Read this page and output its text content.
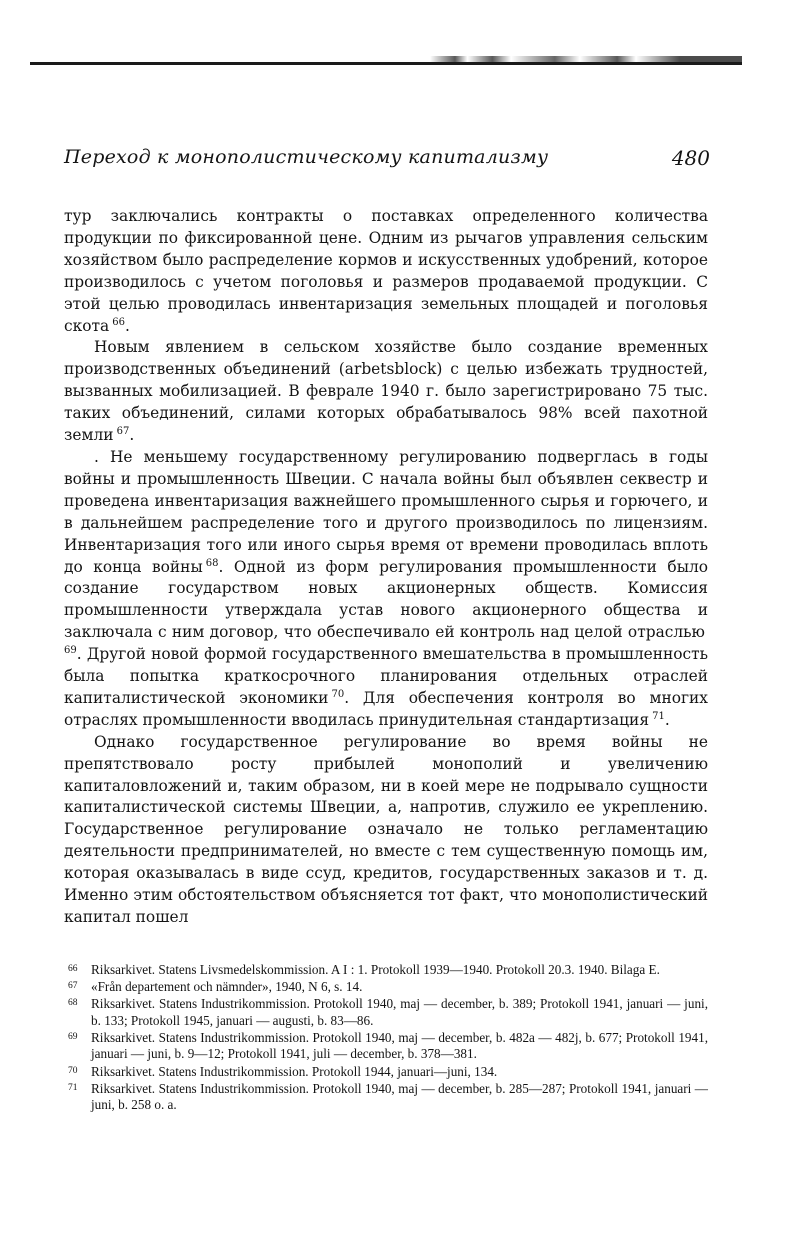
Переход к монополистическому капитализму	480

тур заключались контракты о поставках определенного количества продукции по фиксированной цене. Одним из рычагов управления сельским хозяйством было распределение кормов и искусственных удобрений, которое производилось с учетом поголовья и размеров продаваемой продукции. С этой целью проводилась инвентаризация земельных площадей и поголовья скота  $^{66}$.

Новым явлением в сельском хозяйстве было создание временных производственных объединений (arbetsblock) с целью избежать трудностей, вызванных мобилизацией. В феврале 1940 г. было зарегистрировано 75 тыс. таких объединений, силами которых обрабатывалось 98% всей пахотной земли  $^{67}$.

. Не меньшему государственному регулированию подверглась в годы войны и промышленность Швеции. С начала войны был объявлен секвестр и проведена инвентаризация важнейшего промышленного сырья и горючего, и в дальнейшем распределение того и другого производилось по лицензиям. Инвентаризация того или иного сырья время от времени проводилась вплоть до конца войны  $^{68}$. Одной из форм регулирования промышленности было создание государством новых акционерных обществ. Комиссия промышленности утверждала устав нового акционерного общества и заключала с ним договор, что обеспечивало ей контроль над целой отраслью $^{69}$. Другой новой формой государственного вмешательства в промышленность была попытка краткосрочного планирования отдельных отраслей капиталистической экономики  $^{70}$. Для обеспечения контроля во многих отраслях промышленности вводилась принудительная стандартизация  $^{71}$.

Однако государственное регулирование во время войны не препятствовало росту прибылей монополий и увеличению капиталовложений и, таким образом, ни в коей мере не подрывало сущности капиталистической системы Швеции, а, напротив, служило ее укреплению. Государственное регулирование означало не только регламентацию деятельности предпринимателей, но вместе с тем существенную помощь им, которая оказывалась в виде ссуд, кредитов, государственных заказов и т. д. Именно этим обстоятельством объясняется тот факт, что монополистический капитал пошел

66 Riksarkivet. Statens Livsmedelskommission. A I : 1. Protokoll 1939—1940. Protokoll 20.3. 1940. Bilaga E.
67 «Från departement och nämnder», 1940, N 6, s. 14.
68 Riksarkivet. Statens Industrikommission. Protokoll 1940, maj — december, b. 389; Protokoll 1941, januari — juni, b. 133; Protokoll 1945, januari — augusti, b. 83—86.
69 Riksarkivet. Statens Industrikommission. Protokoll 1940, maj — december, b. 482a — 482j, b. 677; Protokoll 1941, januari — juni, b. 9—12; Protokoll 1941, juli — december, b. 378—381.
70 Riksarkivet. Statens Industrikommission. Protokoll 1944, januari—juni, 134.
71 Riksarkivet. Statens Industrikommission. Protokoll 1940, maj — december, b. 285—287; Protokoll 1941, januari — juni, b. 258 o. a.
